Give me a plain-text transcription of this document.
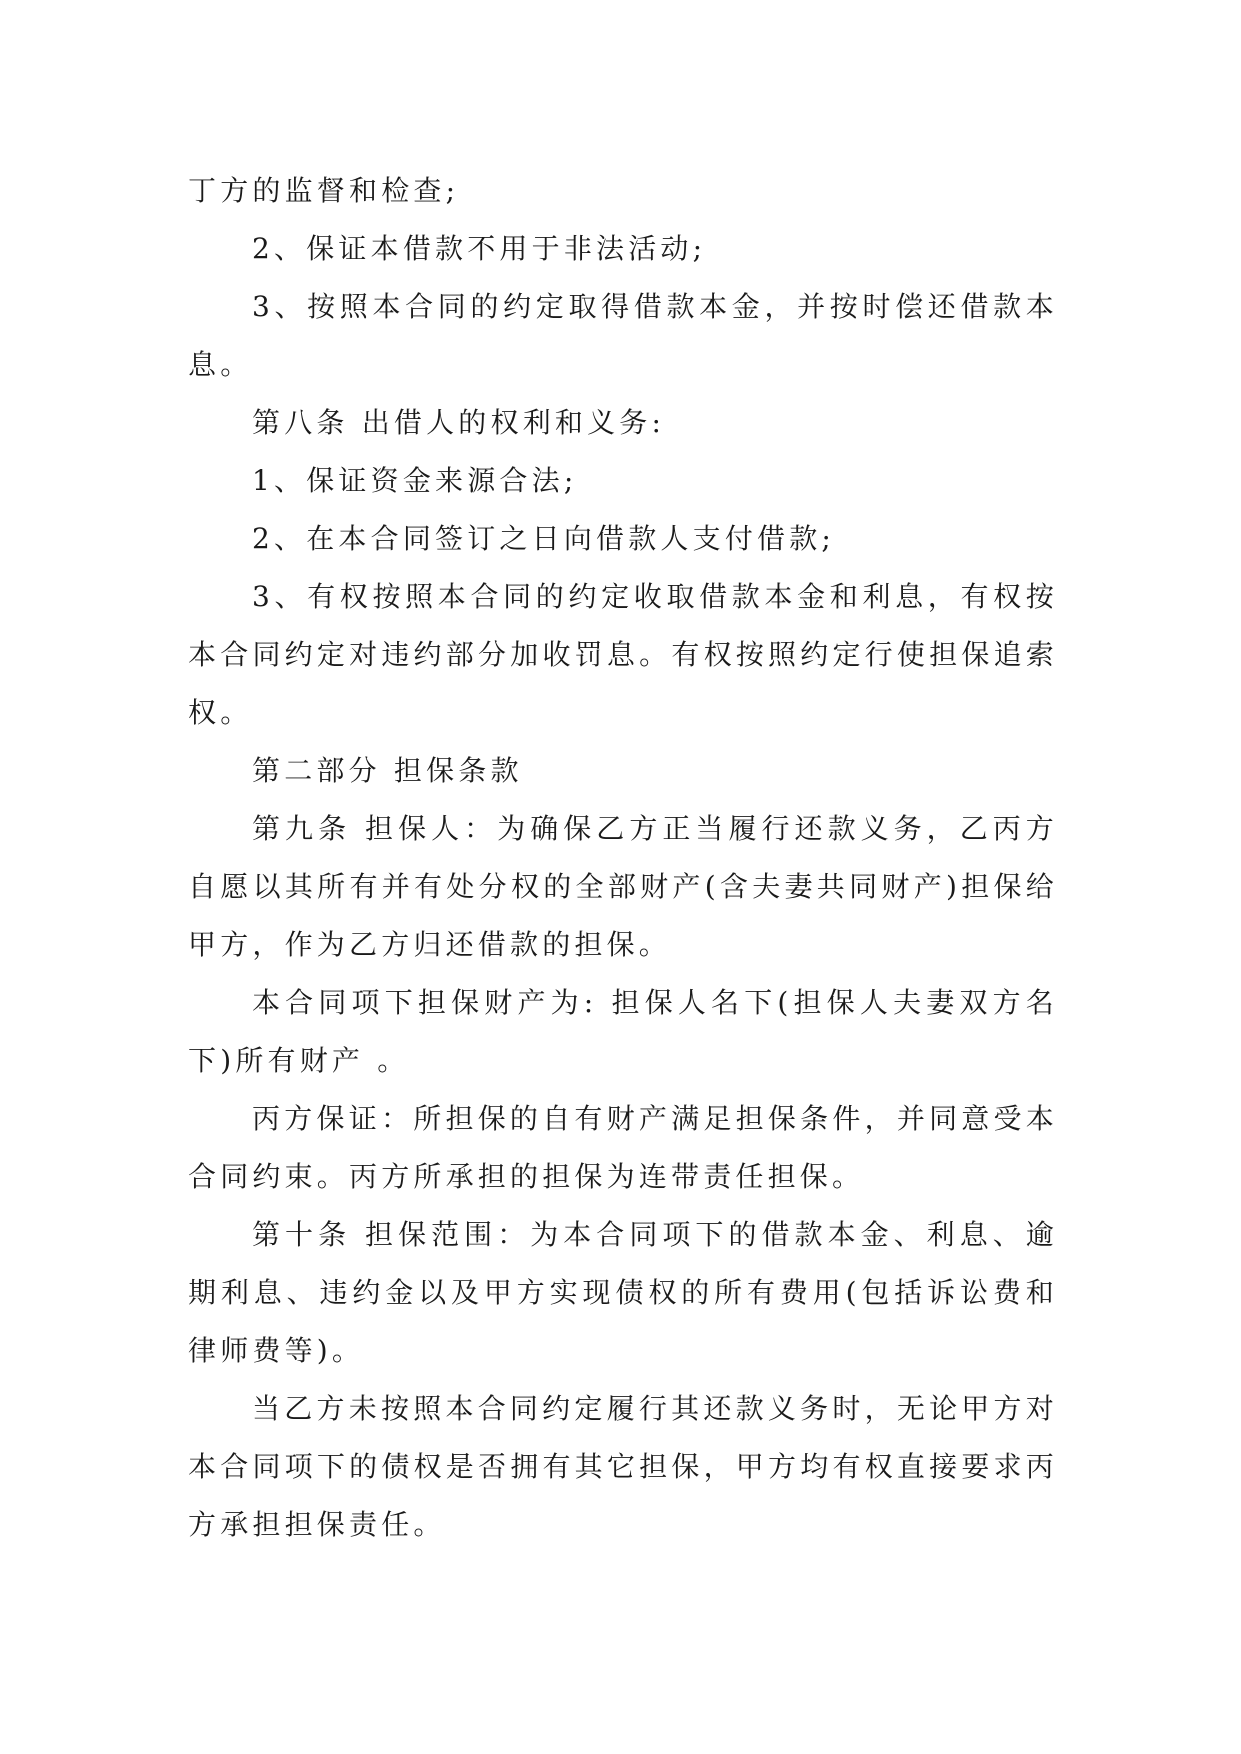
丁方的监督和检查;

2、保证本借款不用于非法活动;

3、按照本合同的约定取得借款本金，并按时偿还借款本息。

第八条 出借人的权利和义务:

1、保证资金来源合法;

2、在本合同签订之日向借款人支付借款;

3、有权按照本合同的约定收取借款本金和利息，有权按本合同约定对违约部分加收罚息。有权按照约定行使担保追索权。

第二部分 担保条款

第九条 担保人：为确保乙方正当履行还款义务，乙丙方自愿以其所有并有处分权的全部财产(含夫妻共同财产)担保给甲方，作为乙方归还借款的担保。

本合同项下担保财产为: 担保人名下(担保人夫妻双方名下)所有财产 。

丙方保证：所担保的自有财产满足担保条件，并同意受本合同约束。丙方所承担的担保为连带责任担保。

第十条 担保范围：为本合同项下的借款本金、利息、逾期利息、违约金以及甲方实现债权的所有费用(包括诉讼费和律师费等)。

当乙方未按照本合同约定履行其还款义务时，无论甲方对本合同项下的债权是否拥有其它担保，甲方均有权直接要求丙方承担担保责任。
